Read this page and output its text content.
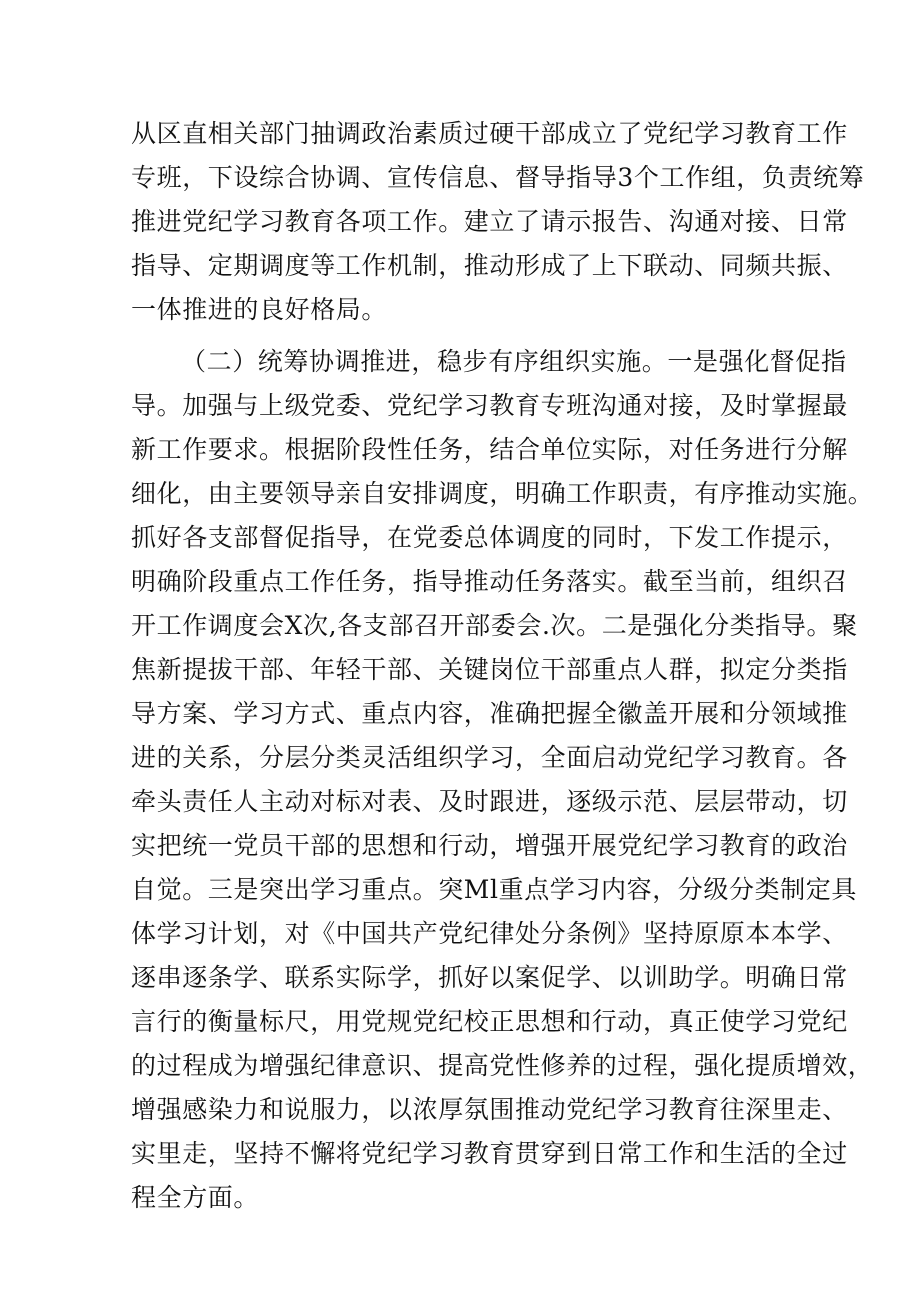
从区直相关部门抽调政治素质过硬干部成立了党纪学习教育工作
专班，下设综合协调、宣传信息、督导指导3个工作组，负责统筹
推进党纪学习教育各项工作。建立了请示报告、沟通对接、日常
指导、定期调度等工作机制，推动形成了上下联动、同频共振、
一体推进的良好格局。
（二）统筹协调推进，稳步有序组织实施。一是强化督促指
导。加强与上级党委、党纪学习教育专班沟通对接，及时掌握最
新工作要求。根据阶段性任务，结合单位实际，对任务进行分解
细化，由主要领导亲自安排调度，明确工作职责，有序推动实施。
抓好各支部督促指导，在党委总体调度的同时，下发工作提示，
明确阶段重点工作任务，指导推动任务落实。截至当前，组织召
开工作调度会X次,各支部召开部委会.次。二是强化分类指导。聚
焦新提拔干部、年轻干部、关键岗位干部重点人群，拟定分类指
导方案、学习方式、重点内容，准确把握全徽盖开展和分领域推
进的关系，分层分类灵活组织学习，全面启动党纪学习教育。各
牵头责任人主动对标对表、及时跟进，逐级示范、层层带动，切
实把统一党员干部的思想和行动，增强开展党纪学习教育的政治
自觉。三是突出学习重点。突Ml重点学习内容，分级分类制定具
体学习计划，对《中国共产党纪律处分条例》坚持原原本本学、
逐串逐条学、联系实际学，抓好以案促学、以训助学。明确日常
言行的衡量标尺，用党规党纪校正思想和行动，真正使学习党纪
的过程成为增强纪律意识、提高党性修养的过程，强化提质增效，
增强感染力和说服力，以浓厚氛围推动党纪学习教育往深里走、
实里走，坚持不懈将党纪学习教育贯穿到日常工作和生活的全过
程全方面。
